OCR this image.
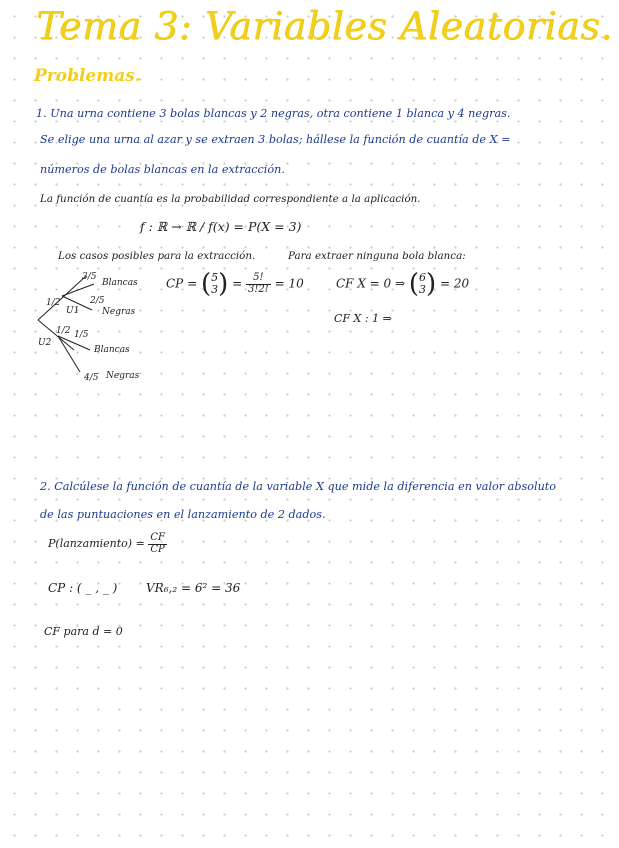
Tema 3: Variables Aleatorias.
Problemas.
1. Una urna contiene 3 bolas blancas y 2 negras, otra contiene 1 blanca y 4 negras.
Se elige una urna al azar y se extraen 3 bolas; hállese la función de cuantía de X =
números de bolas blancas en la extracción.
La función de cuantía es la probabilidad correspondiente a la aplicación.
f : ℝ → ℝ / f(x) = P(X = 3)
Los casos posibles para la extracción.	Para extraer ninguna bola blanca:
3/5
Blancas
2/5
Negras
1/2
U1
1/2
U2
1/5
Blancas
4/5 Negras
CP = ( 5
3 ) = $\frac{5!}{3!2!} = 10$	CF X = 0 ⇒ ( 6
3 ) = 20
CF X : 1 ⇒
2. Calcúlese la función de cuantía de la variable X que mide la diferencia en valor absoluto
de las puntuaciones en el lanzamiento de 2 dados.
P(lanzamiento) = $\frac{CF}{CP}$
CP : ( _ , _ ) VR₆,₂ = 6² = 36
CF para d = 0
